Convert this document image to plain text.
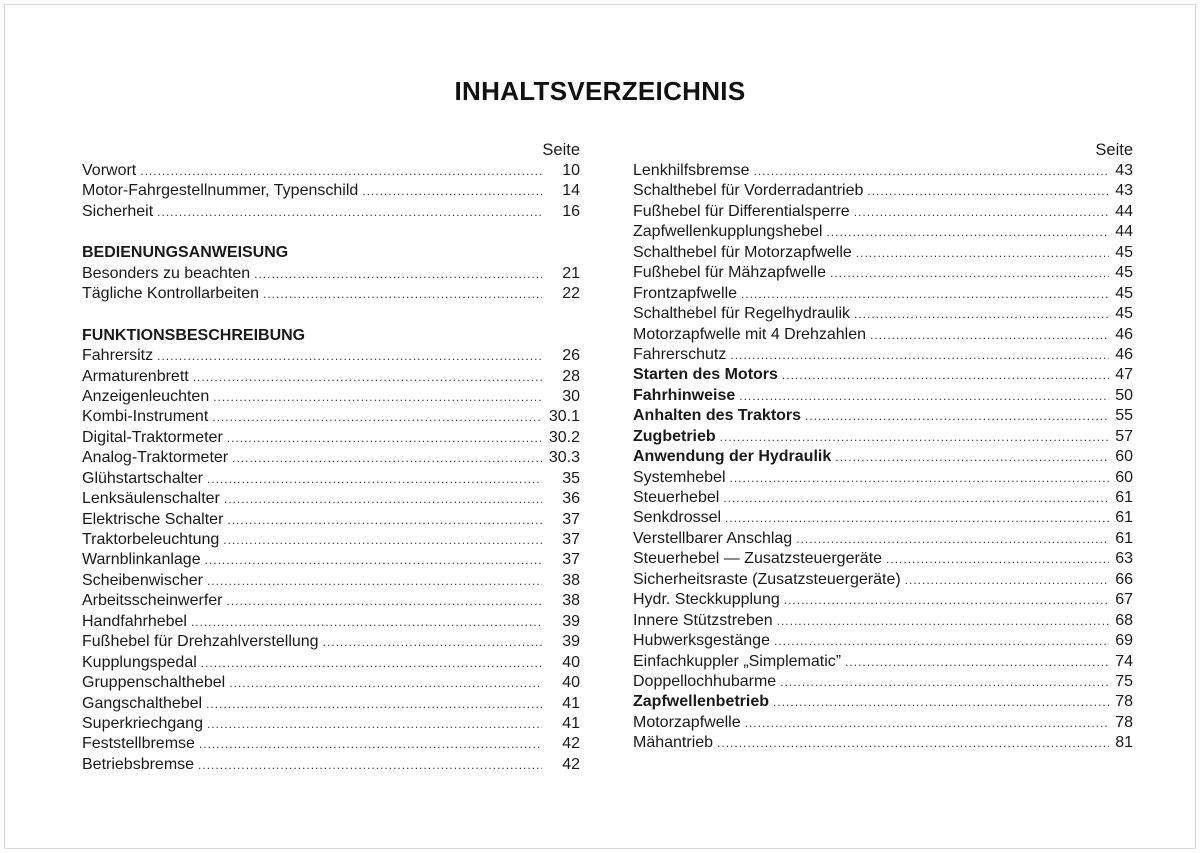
INHALTSVERZEICHNIS
Seite
Vorwort .....	10
Motor-Fahrgestellnummer, Typenschild .....	14
Sicherheit .....	16
BEDIENUNGSANWEISUNG
Besonders zu beachten .....	21
Tägliche Kontrollarbeiten .....	22
FUNKTIONSBESCHREIBUNG
Fahrersitz .....	26
Armaturenbrett .....	28
Anzeigenleuchten .....	30
Kombi-Instrument .....	30.1
Digital-Traktormeter .....	30.2
Analog-Traktormeter .....	30.3
Glühstartschalter .....	35
Lenksäulenschalter .....	36
Elektrische Schalter .....	37
Traktorbeleuchtung .....	37
Warnblinkanlage .....	37
Scheibenwischer .....	38
Arbeitsscheinwerfer .....	38
Handfahrhebel .....	39
Fußhebel für Drehzahlverstellung .....	39
Kupplungspedal .....	40
Gruppenschalthebel .....	40
Gangschalthebel .....	41
Superkriechgang .....	41
Feststellbremse .....	42
Betriebsbremse .....	42
Seite
Lenkhilfsbremse .....	43
Schalthebel für Vorderradantrieb .....	43
Fußhebel für Differentialsperre .....	44
Zapfwellenkupplungshebel .....	44
Schalthebel für Motorzapfwelle .....	45
Fußhebel für Mähzapfwelle .....	45
Frontzapfwelle .....	45
Schalthebel für Regelhydraulik .....	45
Motorzapfwelle mit 4 Drehzahlen .....	46
Fahrerschutz .....	46
Starten des Motors .....	47
Fahrhinweise .....	50
Anhalten des Traktors .....	55
Zugbetrieb .....	57
Anwendung der Hydraulik .....	60
Systemhebel .....	60
Steuerhebel .....	61
Senkdrossel .....	61
Verstellbarer Anschlag .....	61
Steuerhebel — Zusatzsteuergeräte .....	63
Sicherheitsraste (Zusatzsteuergeräte) .....	66
Hydr. Steckkupplung .....	67
Innere Stützstreben .....	68
Hubwerksgestänge .....	69
Einfachkuppler „Simplematic” .....	74
Doppellochhubarme .....	75
Zapfwellenbetrieb .....	78
Motorzapfwelle .....	78
Mähantrieb .....	81
